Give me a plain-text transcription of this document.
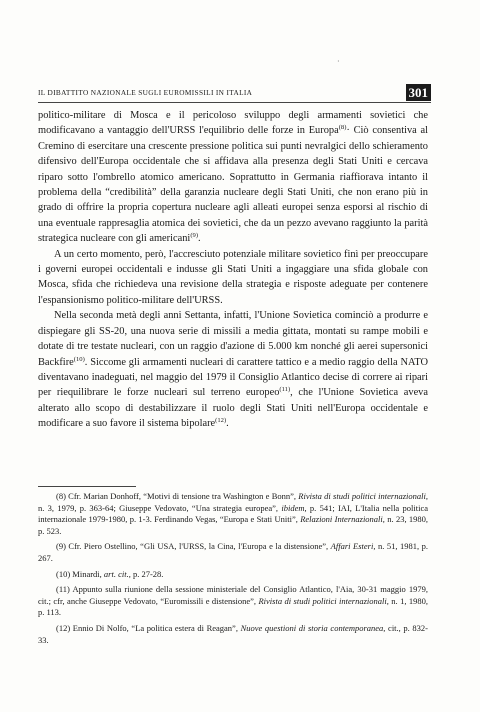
·
IL DIBATTITO NAZIONALE SUGLI EUROMISSILI IN ITALIA	301

politico-militare di Mosca e il pericoloso sviluppo degli armamenti sovietici che modificavano a vantaggio dell'URSS l'equilibrio delle forze in Europa$^{(8)}$· Ciò consentiva al Cremino di esercitare una crescente pressione politica sui punti nevralgici dello schieramento difensivo dell'Europa occidentale che si affidava alla presenza degli Stati Uniti e cercava riparo sotto l'ombrello atomico americano. Soprattutto in Germania riaffiorava intanto il problema della “credibilità” della garanzia nucleare degli Stati Uniti, che non erano più in grado di offrire la propria copertura nucleare agli alleati europei senza esporsi al rischio di una eventuale rappresaglia atomica dei sovietici, che da un pezzo avevano raggiunto la parità strategica nucleare con gli americani$^{(9)}$.

A un certo momento, però, l'accresciuto potenziale militare sovietico finì per preoccupare i governi europei occidentali e indusse gli Stati Uniti a ingaggiare una sfida globale con Mosca, sfida che richiedeva una revisione della strategia e risposte adeguate per contenere l'espansionismo politico-militare dell'URSS.

Nella seconda metà degli anni Settanta, infatti, l'Unione Sovietica cominciò a produrre e dispiegare gli SS-20, una nuova serie di missili a media gittata, montati su rampe mobili e dotate di tre testate nucleari, con un raggio d'azione di 5.000 km nonché gli aerei supersonici Backfire$^{(10)}$. Siccome gli armamenti nucleari di carattere tattico e a medio raggio della NATO diventavano inadeguati, nel maggio del 1979 il Consiglio Atlantico decise di correre ai ripari per riequilibrare le forze nucleari sul terreno europeo$^{(11)}$, che l'Unione Sovietica aveva alterato allo scopo di destabilizzare il ruolo degli Stati Uniti nell'Europa occidentale e modificare a suo favore il sistema bipolare$^{(12)}$.

(8) Cfr. Marian Donhoff, “Motivi di tensione tra Washington e Bonn”, Rivista di studi politici internazionali, n. 3, 1979, p. 363-64; Giuseppe Vedovato, “Una strategia europea”, ibidem, p. 541; IAI, L'Italia nella politica internazionale 1979-1980, p. 1-3. Ferdinando Vegas, “Europa e Stati Uniti”, Relazioni Internazionali, n. 23, 1980, p. 523.

(9) Cfr. Piero Ostellino, “Gli USA, l'URSS, la Cina, l'Europa e la distensione”, Affari Esteri, n. 51, 1981, p. 267.

(10) Minardi, art. cit., p. 27-28.

(11) Appunto sulla riunione della sessione ministeriale del Consiglio Atlantico, l'Aia, 30-31 maggio 1979, cit.; cfr, anche Giuseppe Vedovato, “Euromissili e distensione”, Rivista di studi politici internazionali, n. 1, 1980, p. 113.

(12) Ennio Di Nolfo, “La politica estera di Reagan”, Nuove questioni di storia contemporanea, cit., p. 832-33.
